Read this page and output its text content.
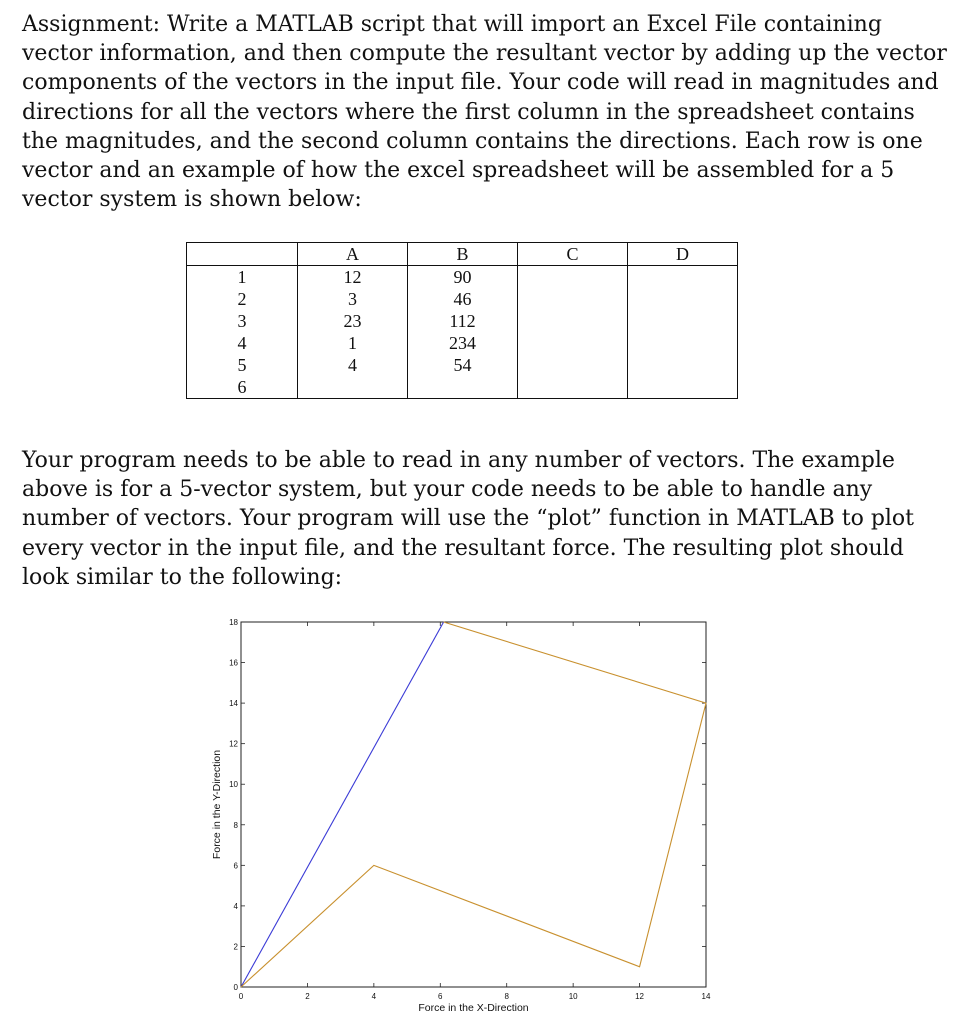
Assignment: Write a MATLAB script that will import an Excel File containing vector information, and then compute the resultant vector by adding up the vector components of the vectors in the input file. Your code will read in magnitudes and directions for all the vectors where the first column in the spreadsheet contains the magnitudes, and the second column contains the directions. Each row is one vector and an example of how the excel spreadsheet will be assembled for a 5 vector system is shown below:

	A	B	C	D
1	12	90		
2	3	46		
3	23	112		
4	1	234		
5	4	54		
6				

Your program needs to be able to read in any number of vectors. The example above is for a 5-vector system, but your code needs to be able to handle any number of vectors. Your program will use the “plot” function in MATLAB to plot every vector in the input file, and the resultant force. The resulting plot should look similar to the following:

0	2	4	6	8	10	12	14
0
2
4
6
8
10
12
14
16
18
Force in the X-Direction
Force in the Y-Direction
